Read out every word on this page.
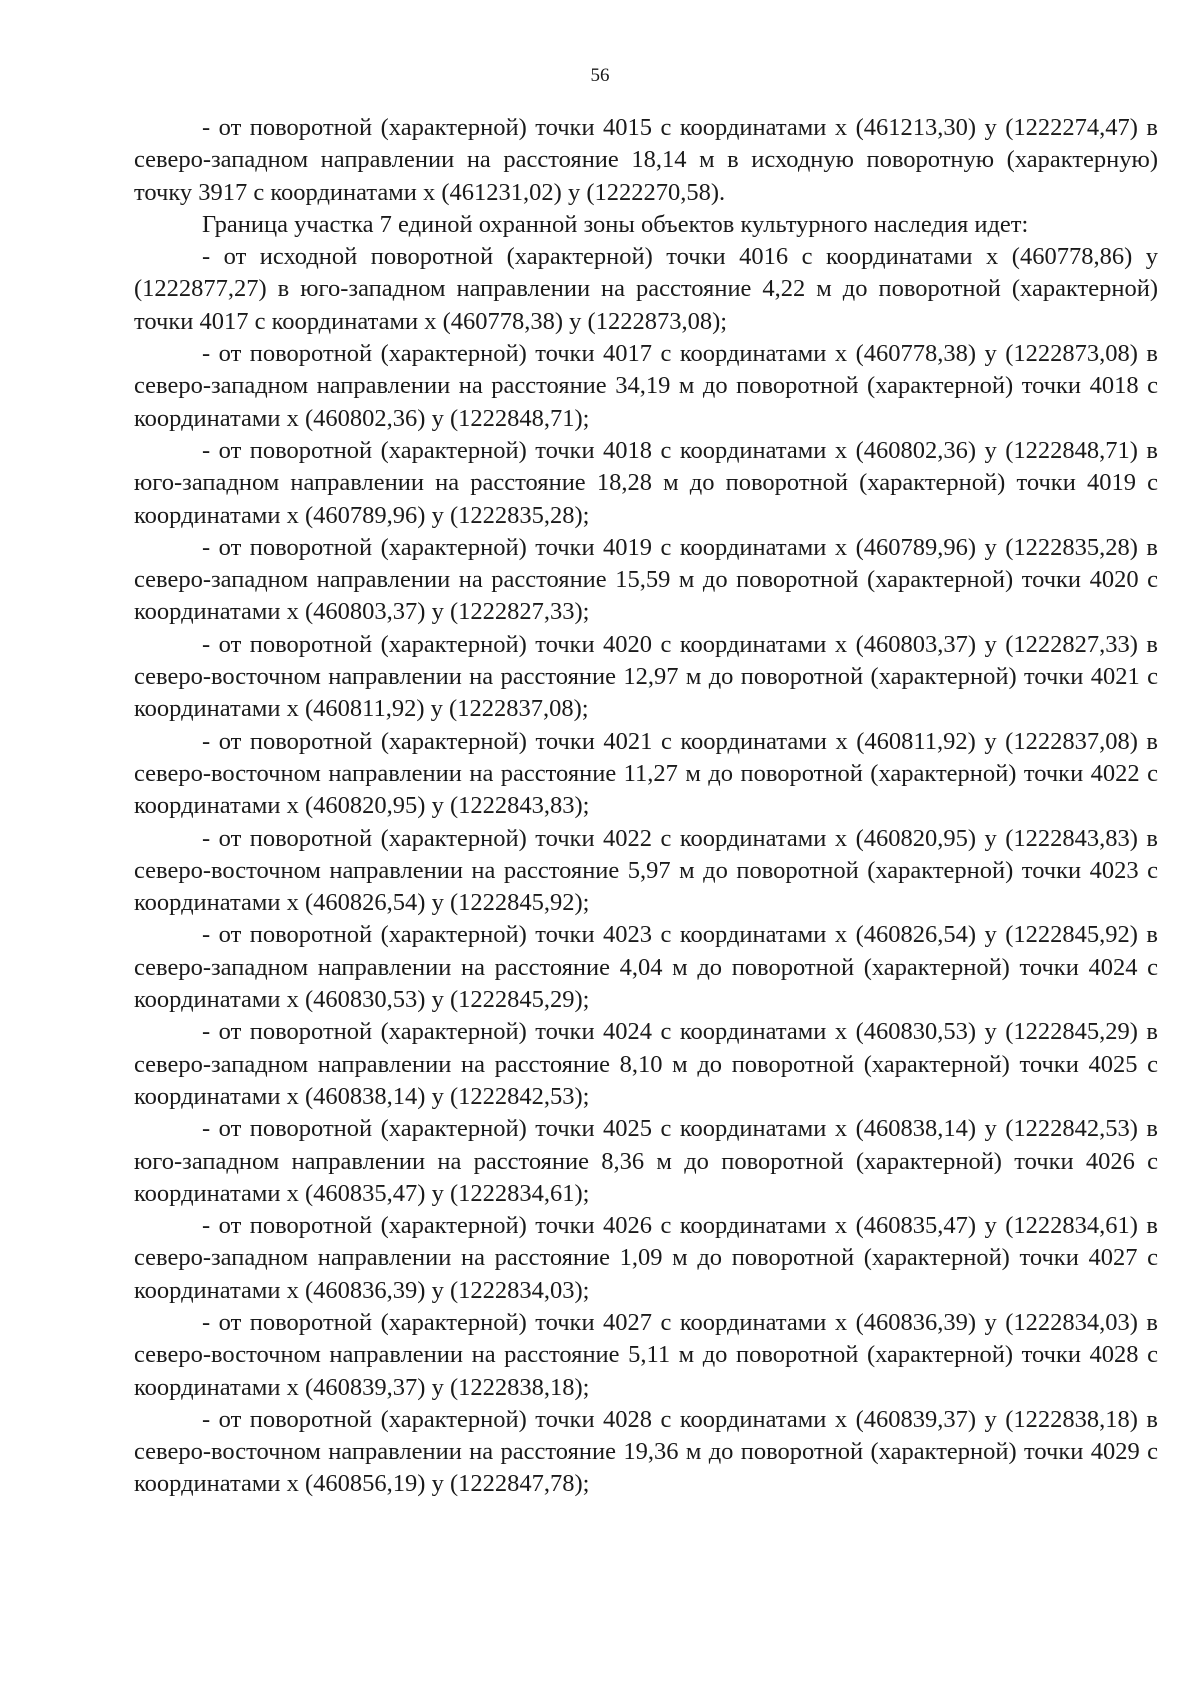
56

- от поворотной (характерной) точки 4015 с координатами x (461213,30) y (1222274,47) в северо-западном направлении на расстояние 18,14 м в исходную поворотную (характерную) точку 3917 с координатами x (461231,02) y (1222270,58).

Граница участка 7 единой охранной зоны объектов культурного наследия идет:

- от исходной поворотной (характерной) точки 4016 с координатами x (460778,86) y (1222877,27) в юго-западном направлении на расстояние 4,22 м до поворотной (характерной) точки 4017 с координатами x (460778,38) y (1222873,08);

- от поворотной (характерной) точки 4017 с координатами x (460778,38) y (1222873,08) в северо-западном направлении на расстояние 34,19 м до поворотной (характерной) точки 4018 с координатами x (460802,36) y (1222848,71);

- от поворотной (характерной) точки 4018 с координатами x (460802,36) y (1222848,71) в юго-западном направлении на расстояние 18,28 м до поворотной (характерной) точки 4019 с координатами x (460789,96) y (1222835,28);

- от поворотной (характерной) точки 4019 с координатами x (460789,96) y (1222835,28) в северо-западном направлении на расстояние 15,59 м до поворотной (характерной) точки 4020 с координатами x (460803,37) y (1222827,33);

- от поворотной (характерной) точки 4020 с координатами x (460803,37) y (1222827,33) в северо-восточном направлении на расстояние 12,97 м до поворотной (характерной) точки 4021 с координатами x (460811,92) y (1222837,08);

- от поворотной (характерной) точки 4021 с координатами x (460811,92) y (1222837,08) в северо-восточном направлении на расстояние 11,27 м до поворотной (характерной) точки 4022 с координатами x (460820,95) y (1222843,83);

- от поворотной (характерной) точки 4022 с координатами x (460820,95) y (1222843,83) в северо-восточном направлении на расстояние 5,97 м до поворотной (характерной) точки 4023 с координатами x (460826,54) y (1222845,92);

- от поворотной (характерной) точки 4023 с координатами x (460826,54) y (1222845,92) в северо-западном направлении на расстояние 4,04 м до поворотной (характерной) точки 4024 с координатами x (460830,53) y (1222845,29);

- от поворотной (характерной) точки 4024 с координатами x (460830,53) y (1222845,29) в северо-западном направлении на расстояние 8,10 м до поворотной (характерной) точки 4025 с координатами x (460838,14) y (1222842,53);

- от поворотной (характерной) точки 4025 с координатами x (460838,14) y (1222842,53) в юго-западном направлении на расстояние 8,36 м до поворотной (характерной) точки 4026 с координатами x (460835,47) y (1222834,61);

- от поворотной (характерной) точки 4026 с координатами x (460835,47) y (1222834,61) в северо-западном направлении на расстояние 1,09 м до поворотной (характерной) точки 4027 с координатами x (460836,39) y (1222834,03);

- от поворотной (характерной) точки 4027 с координатами x (460836,39) y (1222834,03) в северо-восточном направлении на расстояние 5,11 м до поворотной (характерной) точки 4028 с координатами x (460839,37) y (1222838,18);

- от поворотной (характерной) точки 4028 с координатами x (460839,37) y (1222838,18) в северо-восточном направлении на расстояние 19,36 м до поворотной (характерной) точки 4029 с координатами x (460856,19) y (1222847,78);
